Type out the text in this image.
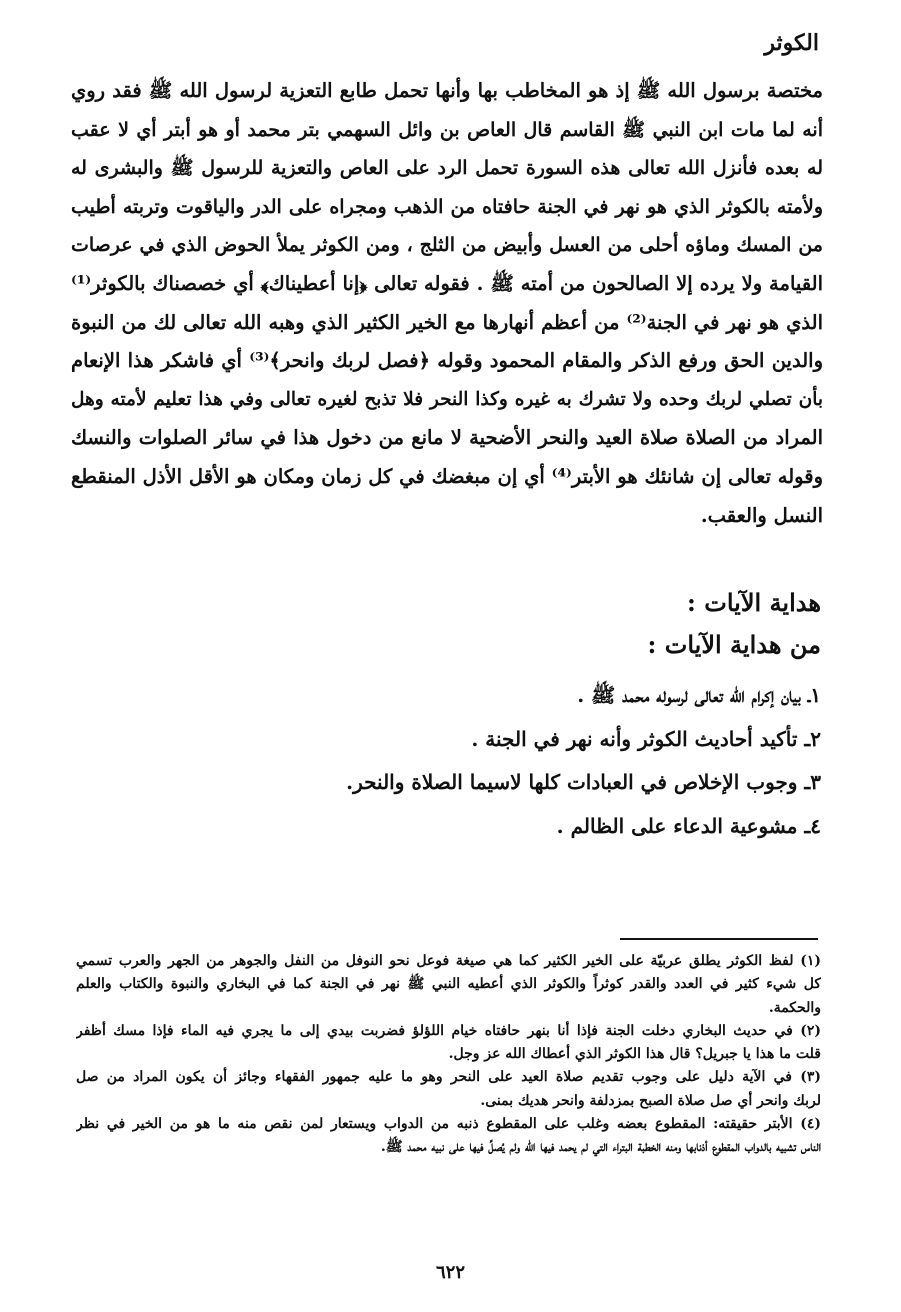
الكوثر
مختصة برسول الله ﷺ إذ هو المخاطب بها وأنها تحمل طابع التعزية لرسول الله ﷺ فقد روي
أنه لما مات ابن النبي ﷺ القاسم قال العاص بن وائل السهمي بتر محمد أو هو أبتر أي لا عقب
له بعده فأنزل الله تعالى هذه السورة تحمل الرد على العاص والتعزية للرسول ﷺ والبشرى له
ولأمته بالكوثر الذي هو نهر في الجنة حافتاه من الذهب ومجراه على الدر والياقوت وتربته أطيب
من المسك وماؤه أحلى من العسل وأبيض من الثلج ، ومن الكوثر يملأ الحوض الذي في عرصات
القيامة ولا يرده إلا الصالحون من أمته ﷺ . فقوله تعالى ﴿إنا أعطيناك﴾ أي خصصناك بالكوثر⁽¹⁾
الذي هو نهر في الجنة⁽²⁾ من أعظم أنهارها مع الخير الكثير الذي وهبه الله تعالى لك من النبوة
والدين الحق ورفع الذكر والمقام المحمود وقوله ﴿فصل لربك وانحر﴾⁽³⁾ أي فاشكر هذا الإنعام
بأن تصلي لربك وحده ولا تشرك به غيره وكذا النحر فلا تذبح لغيره تعالى وفي هذا تعليم لأمته وهل
المراد من الصلاة صلاة العيد والنحر الأضحية لا مانع من دخول هذا في سائر الصلوات والنسك
وقوله تعالى إن شانئك هو الأبتر⁽⁴⁾ أي إن مبغضك في كل زمان ومكان هو الأقل الأذل المنقطع
النسل والعقب.
هداية الآيات :
من هداية الآيات :
١ـ بيان إكرام الله تعالى لرسوله محمد ﷺ .
٢ـ تأكيد أحاديث الكوثر وأنه نهر في الجنة .
٣ـ وجوب الإخلاص في العبادات كلها لاسيما الصلاة والنحر.
٤ـ مشوعية الدعاء على الظالم .
(١) لفظ الكوثر يطلق عربيّة على الخير الكثير كما هي صيغة فوعل نحو النوفل من النفل والجوهر من الجهر والعرب تسمي
كل شيء كثير في العدد والقدر كوثراً والكوثر الذي أعطيه النبي ﷺ نهر في الجنة كما في البخاري والنبوة والكتاب والعلم
والحكمة.
(٢) في حديث البخاري دخلت الجنة فإذا أنا بنهر حافتاه خيام اللؤلؤ فضربت بيدي إلى ما يجري فيه الماء فإذا مسك أظفر
قلت ما هذا يا جبريل؟ قال هذا الكوثر الذي أعطاك الله عز وجل.
(٣) في الآية دليل على وجوب تقديم صلاة العيد على النحر وهو ما عليه جمهور الفقهاء وجائز أن يكون المراد من صل
لربك وانحر أي صل صلاة الصبح بمزدلفة وانحر هديك بمنى.
(٤) الأبتر حقيقته: المقطوع بعضه وغلب على المقطوع ذنبه من الدواب ويستعار لمن نقص منه ما هو من الخير في نظر
الناس تشبيه بالدواب المقطوع أذنابها ومنه الخطبة البتراء التي لم يحمد فيها الله ولم يُصلِّ فيها على نبيه محمد ﷺ.
٦٢٢
